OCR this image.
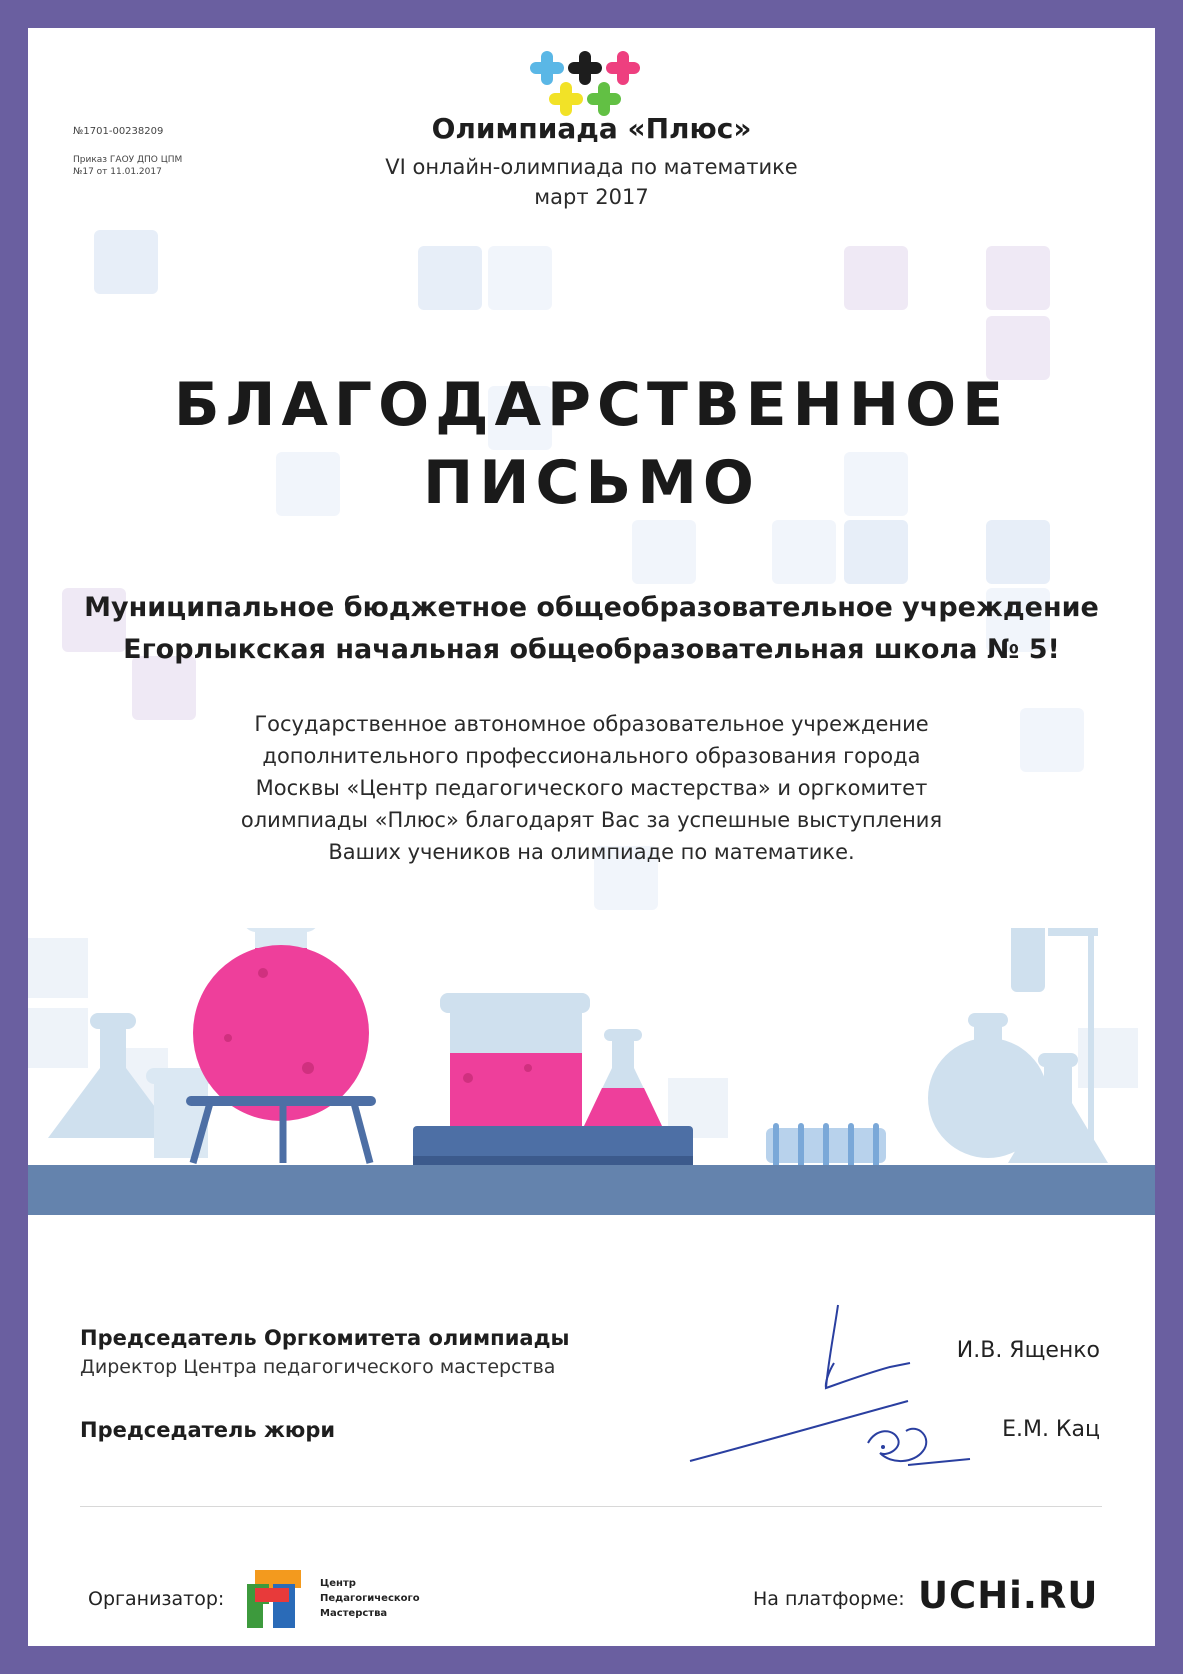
№1701-00238209
Приказ ГАОУ ДПО ЦПМ
№17 от 11.01.2017
Олимпиада «Плюс»
VI онлайн-олимпиада по математике
март 2017
БЛАГОДАРСТВЕННОЕ
ПИСЬМО
Муниципальное бюджетное общеобразовательное учреждение
Егорлыкская начальная общеобразовательная школа № 5!
Государственное автономное образовательное учреждение
дополнительного профессионального образования города
Москвы «Центр педагогического мастерства» и оргкомитет
олимпиады «Плюс» благодарят Вас за успешные выступления
Ваших учеников на олимпиаде по математике.
Председатель Оргкомитета олимпиады
Директор Центра педагогического мастерства
Председатель жюри
И.В. Ященко
Е.М. Кац
Организатор:
Центр
Педагогического
Мастерства
На платформе: UCHi.RU
